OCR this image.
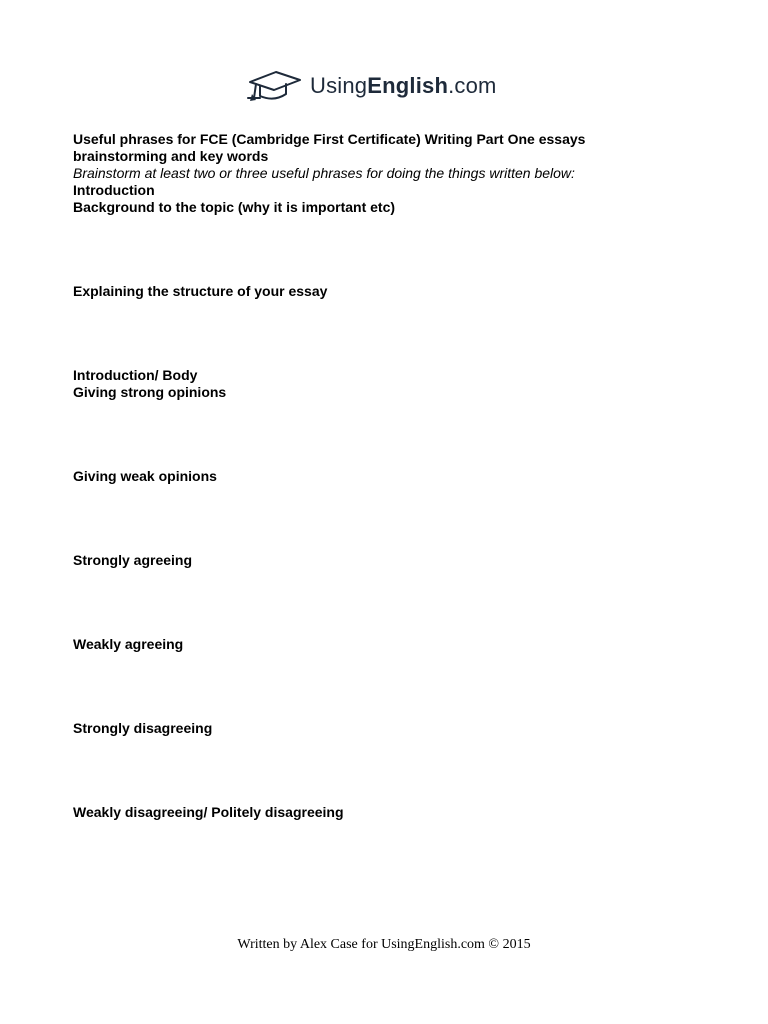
UsingEnglish.com

Useful phrases for FCE (Cambridge First Certificate) Writing Part One essays

brainstorming and key words

Brainstorm at least two or three useful phrases for doing the things written below:

Introduction

Background to the topic (why it is important etc)

Explaining the structure of your essay

Introduction/ Body

Giving strong opinions

Giving weak opinions

Strongly agreeing

Weakly agreeing

Strongly disagreeing

Weakly disagreeing/ Politely disagreeing

Written by Alex Case for UsingEnglish.com © 2015
